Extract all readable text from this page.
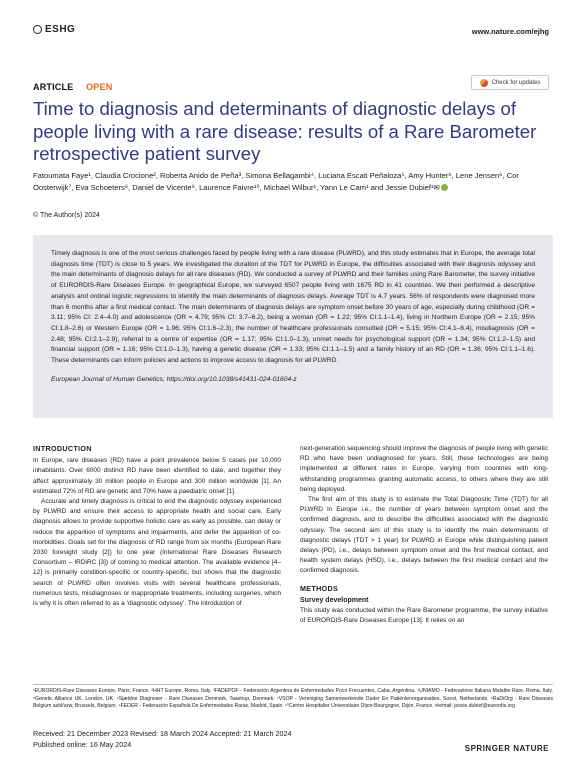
ESHG	www.nature.com/ejhg
ARTICLE OPEN	Check for updates
Time to diagnosis and determinants of diagnostic delays of people living with a rare disease: results of a Rare Barometer retrospective patient survey
Fatoumata Faye¹, Claudia Crocione², Roberta Anido de Peña³, Simona Bellagambi⁴, Luciana Escati Peñaloza⁵, Amy Hunter⁶, Lene Jensen⁶, Cor Oosterwijk⁷, Eva Schoeters⁸, Daniel de Vicente⁹, Laurence Faivre¹⁰, Michael Wilbur¹, Yann Le Cam¹ and Jessie Dubief¹✉
© The Author(s) 2024
Timely diagnosis is one of the most serious challenges faced by people living with a rare disease (PLWRD), and this study estimates that in Europe, the average total diagnosis time (TDT) is close to 5 years. We investigated the duration of the TDT for PLWRD in Europe, the difficulties associated with their diagnosis odyssey and the main determinants of diagnosis delays for all rare diseases (RD). We conducted a survey of PLWRD and their families using Rare Barometer, the survey initiative of EURORDIS-Rare Diseases Europe. In geographical Europe, we surveyed 6507 people living with 1675 RD in 41 countries. We then performed a descriptive analysis and ordinal logistic regressions to identify the main determinants of diagnosis delays. Average TDT is 4.7 years. 56% of respondents were diagnosed more than 6 months after a first medical contact. The main determinants of diagnosis delays are symptom onset before 30 years of age, especially during childhood (OR = 3.11; 95% CI: 2.4–4.0) and adolescence (OR = 4.79; 95% CI: 3.7–6.2), being a woman (OR = 1.22; 95% CI:1.1–1.4), living in Northern Europe (OR = 2.15; 95% CI:1.8–2.6) or Western Europe (OR = 1.96; 95% CI:1.6–2.3), the number of healthcare professionals consulted (OR = 5.15; 95% CI:4.1–6.4), misdiagnosis (OR = 2.48; 95% CI:2.1–2.9), referral to a centre of expertise (OR = 1.17; 95% CI:1.0–1.3), unmet needs for psychological support (OR = 1.34; 95% CI:1.2–1.5) and financial support (OR = 1.16; 95% CI:1.0–1.3), having a genetic disease (OR = 1.33; 95% CI:1.1–1.5) and a family history of an RD (OR = 1.36; 95% CI:1.1–1.6). These determinants can inform policies and actions to improve access to diagnosis for all PLWRD.
European Journal of Human Genetics; https://doi.org/10.1038/s41431-024-01604-z
INTRODUCTION

In Europe, rare diseases (RD) have a point prevalence below 5 cases per 10,000 inhabitants. Over 6000 distinct RD have been identified to date, and together they affect approximately 30 million people in Europe and 300 million worldwide [1]. An estimated 72% of RD are genetic and 70% have a paediatric onset [1].

Accurate and timely diagnosis is critical to end the diagnostic odyssey experienced by PLWRD and ensure their access to appropriate health and social care. Early diagnosis allows to provide supportive holistic care as early as possible, can delay or reduce the apparition of symptoms and impairments, and defer the apparition of co-morbidities. Goals set for the diagnosis of RD range from six months (European Rare 2030 foresight study [2]) to one year (International Rare Diseases Research Consortium – IRDiRC [3]) of coming to medical attention. The available evidence [4–12] is primarily condition-specific or country-specific, but shows that the diagnostic search of PLWRD often involves visits with several healthcare professionals, numerous tests, misdiagnoses or inappropriate treatments, including surgeries, which is why it is often referred to as a ‘diagnostic odyssey’. The introduction of

next-generation sequencing should improve the diagnosis of people living with genetic RD who have been undiagnosed for years. Still, these technologies are being implemented at different rates in Europe, varying from countries with long-withstanding programmes granting automatic access, to others where they are still being deployed.

The first aim of this study is to estimate the Total Diagnostic Time (TDT) for all PLWRD in Europe i.e., the number of years between symptom onset and the confirmed diagnosis, and to describe the difficulties associated with the diagnostic odyssey. The second aim of this study is to identify the main determinants of diagnostic delays (TDT > 1 year) for PLWRD in Europe while distinguishing patient delays (PD), i.e., delays between symptom onset and the first medical contact, and health system delays (HSD), i.e., delays between the first medical contact and the confirmed diagnosis.

METHODS
Survey development

This study was conducted within the Rare Barometer programme, the survey initiative of EURORDIS-Rare Diseases Europe [13]. It relies on an

¹EURORDIS-Rare Diseases Europe, Paris, France. ²HHT Europe, Roma, Italy. ³FADEPOF - Federación Argentina de Enfermedades Poco Frecuentes, Caba, Argentina. ⁴UNIAMO - Federazione Italiana Malattie Rare, Roma, Italy. ⁵Genetic Alliance UK, London, UK. ⁶Sjældne Diagnoser - Rare Diseases Denmark, Taastrup, Denmark. ⁷VSOP - Vereniging Samenwerkende Ouder En Patiëntenorganisaties, Soest, Netherlands. ⁸RaDiOrg - Rare Diseases Belgium asbl/vzw, Brussels, Belgium. ⁹FEDER - Federación Española De Enfermedades Raras, Madrid, Spain. ¹⁰Centre Hospitalier Universitaire Dijon-Bourgogne, Dijon, France. ✉email: jessie.dubief@eurordis.org
Received: 21 December 2023 Revised: 18 March 2024 Accepted: 21 March 2024
Published online: 16 May 2024	SPRINGER NATURE
